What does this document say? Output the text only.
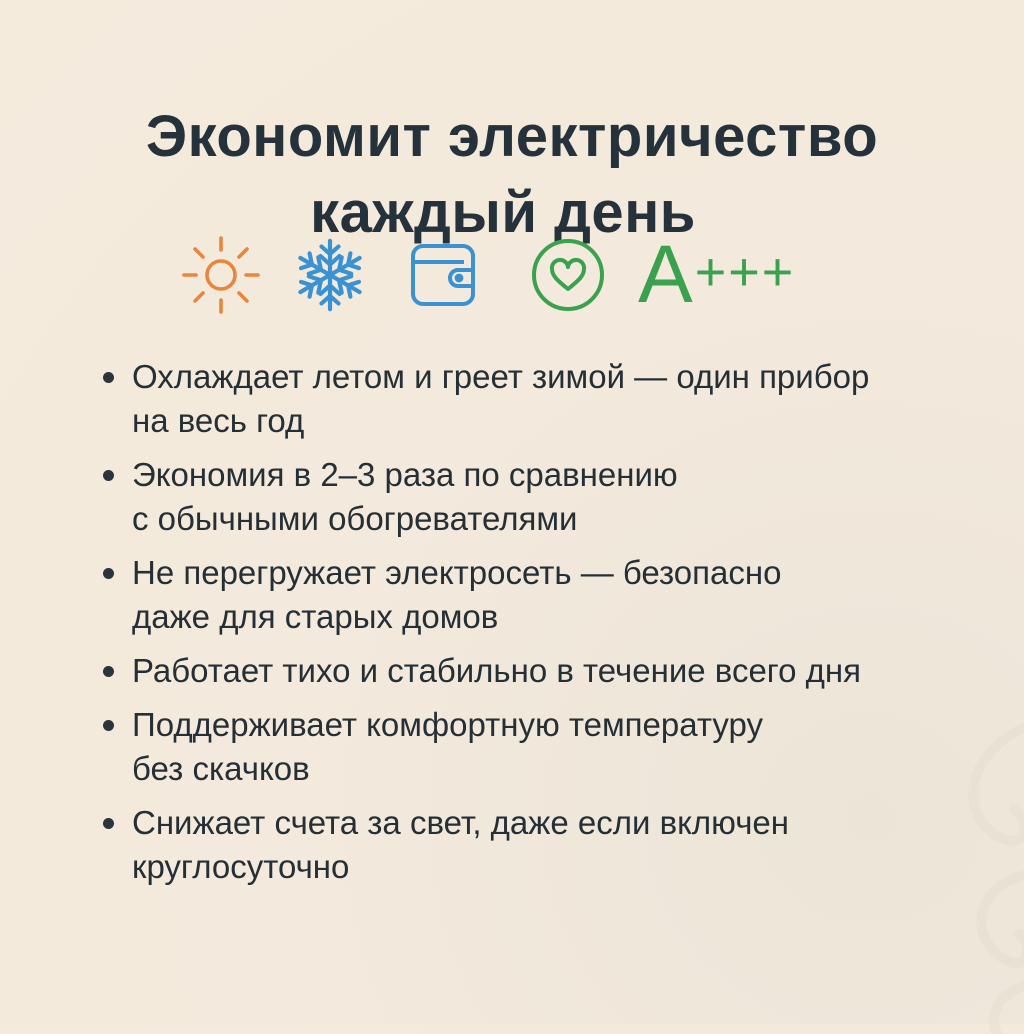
Экономит электричество
каждый день
A +++
Охлаждает летом и греет зимой — один прибор
на весь год
Экономия в 2–3 раза по сравнению
с обычными обогревателями
Не перегружает электросеть — безопасно
даже для старых домов
Работает тихо и стабильно в течение всего дня
Поддерживает комфортную температуру
без скачков
Снижает счета за свет, даже если включен
круглосуточно
